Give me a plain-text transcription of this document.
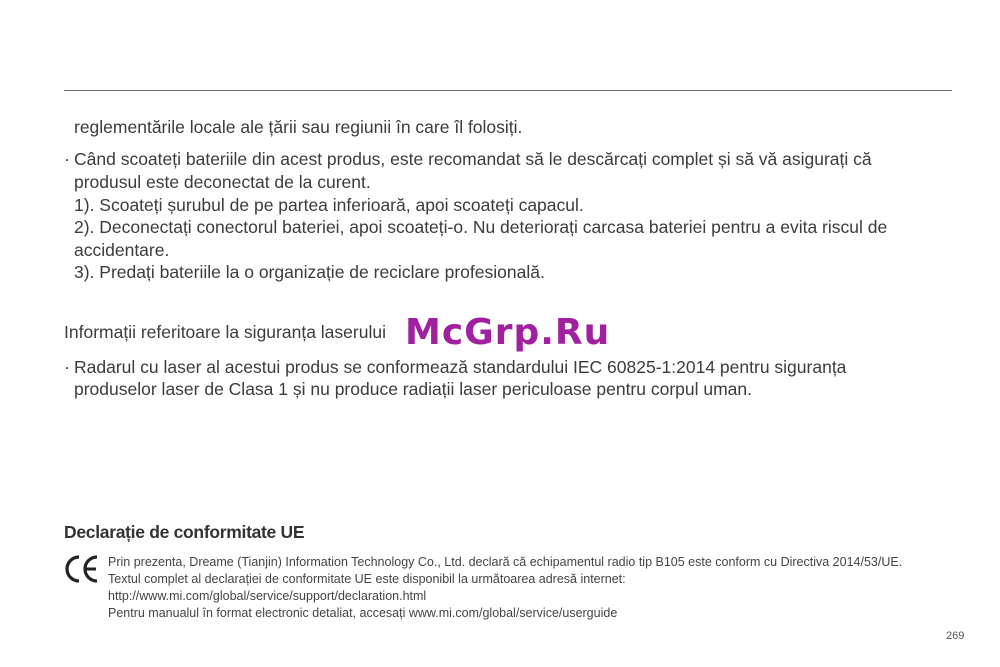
reglementările locale ale țării sau regiunii în care îl folosiți.

· Când scoateți bateriile din acest produs, este recomandat să le descărcați complet și să vă asigurați că

produsul este deconectat de la curent.

1). Scoateți șurubul de pe partea inferioară, apoi scoateți capacul.

2). Deconectați conectorul bateriei, apoi scoateți-o. Nu deteriorați carcasa bateriei pentru a evita riscul de

accidentare.

3). Predați bateriile la o organizație de reciclare profesională.

Informații referitoare la siguranța laserului
· Radarul cu laser al acestui produs se conformează standardului IEC 60825-1:2014 pentru siguranța

produselor laser de Clasa 1 și nu produce radiații laser periculoase pentru corpul uman.

Declarație de conformitate UE
Prin prezenta, Dreame (Tianjin) Information Technology Co., Ltd. declară că echipamentul radio tip B105 este conform cu Directiva 2014/53/UE.
Textul complet al declarației de conformitate UE este disponibil la următoarea adresă internet:
http://www.mi.com/global/service/support/declaration.html
Pentru manualul în format electronic detaliat, accesați www.mi.com/global/service/userguide
McGrp.Ru
269
